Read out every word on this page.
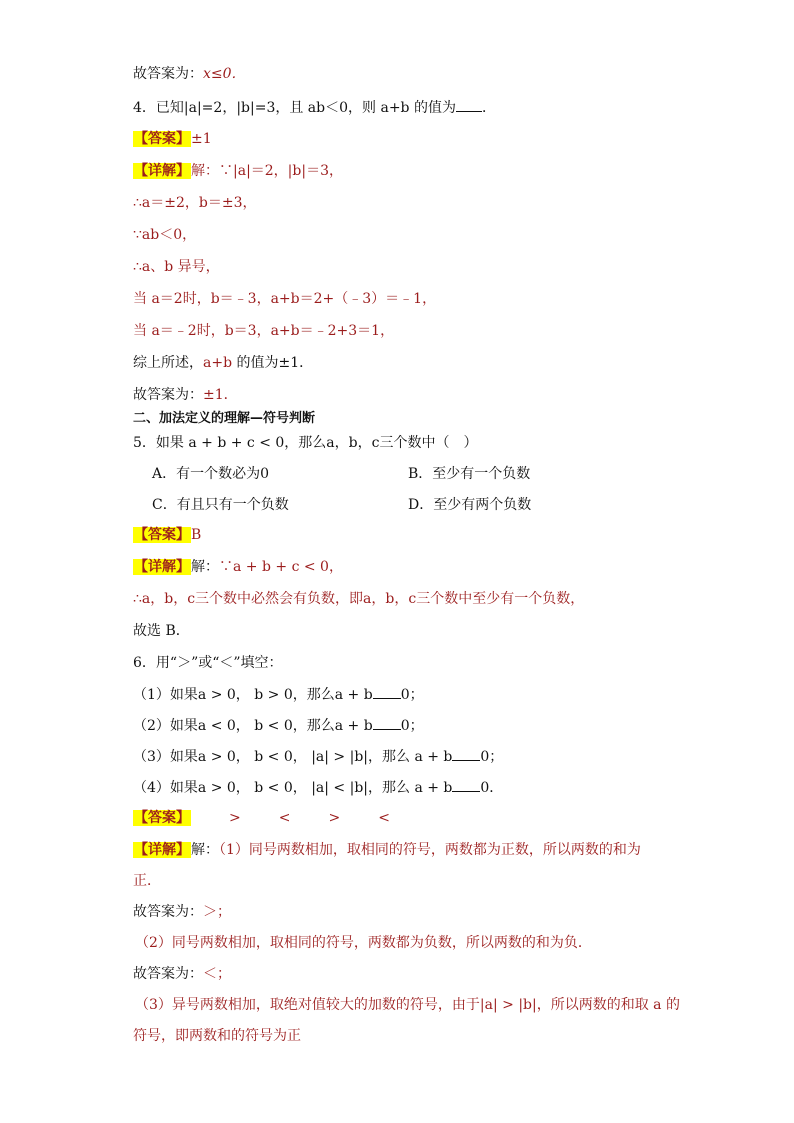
故答案为：x≤0．
4．已知|a|=2，|b|=3，且 ab＜0，则 a+b 的值为 ．
【答案】±1
【详解】解：∵|a|＝2，|b|＝3，
∴a＝±2，b＝±3，
∵ab＜0，
∴a、b 异号，
当 a＝2时，b＝﹣3，a+b＝2+（﹣3）＝﹣1，
当 a＝﹣2时，b＝3，a+b＝﹣2+3＝1，
综上所述，a+b 的值为±1．
故答案为：±1．
二、加法定义的理解—符号判断
5．如果 a + b + c < 0，那么a，b，c三个数中（　）
A．有一个数必为0	B．至少有一个负数
C．有且只有一个负数	D．至少有两个负数
【答案】B
【详解】解：∵a + b + c < 0，
∴a，b，c三个数中必然会有负数，即a，b，c三个数中至少有一个负数，
故选 B．
6．用“＞”或“＜”填空：
（1）如果a > 0， b > 0，那么a + b 0；
（2）如果a < 0， b < 0，那么a + b 0；
（3）如果a > 0， b < 0， |a| > |b|，那么 a + b 0；
（4）如果a > 0， b < 0， |a| < |b|，那么 a + b 0．
【答案】	>	<	>	<
【详解】解：（1）同号两数相加，取相同的符号，两数都为正数，所以两数的和为
正．
故答案为：＞；
（2）同号两数相加，取相同的符号，两数都为负数，所以两数的和为负．
故答案为：＜；
（3）异号两数相加，取绝对值较大的加数的符号，由于|a| > |b|，所以两数的和取 a 的
符号，即两数和的符号为正
